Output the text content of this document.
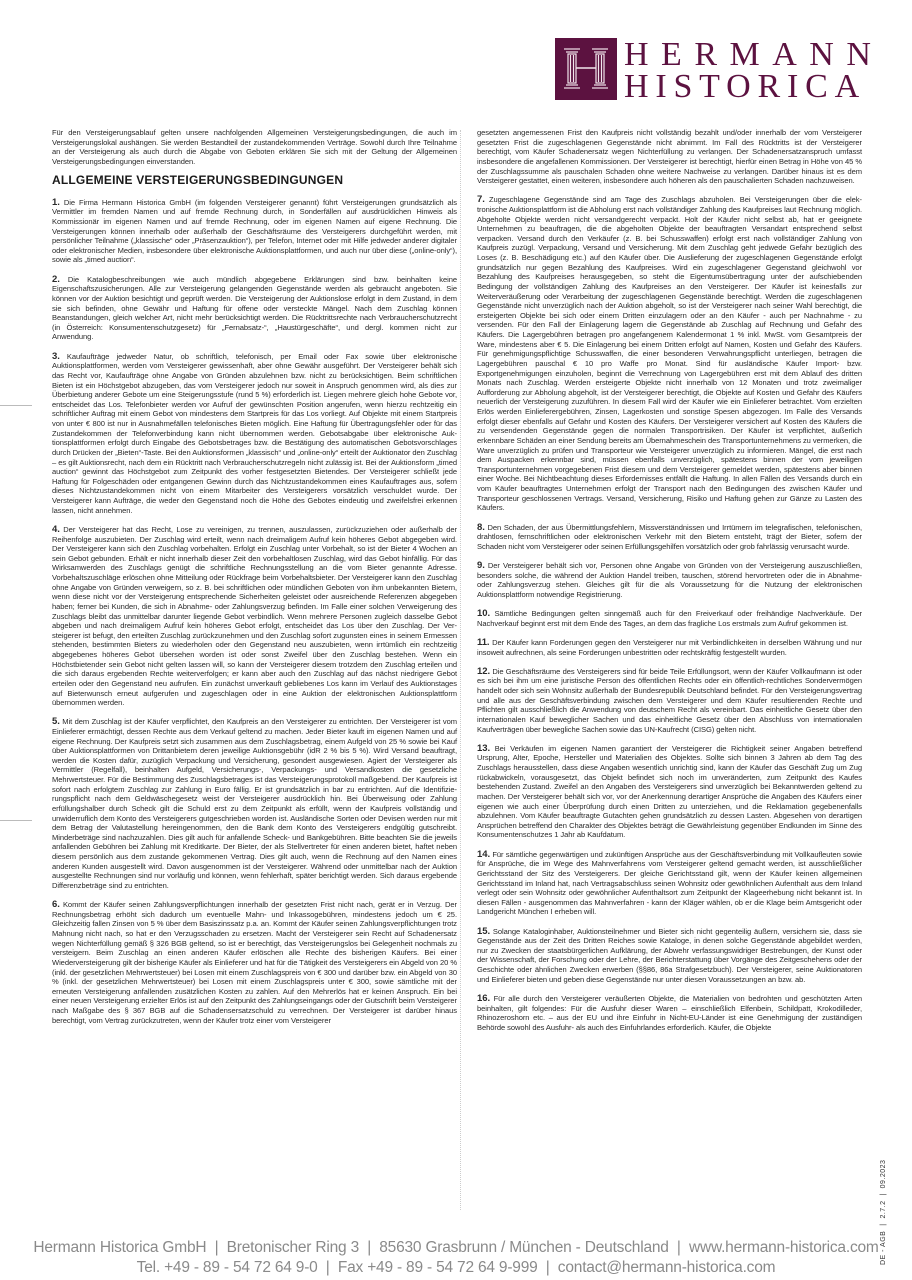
HERMANN
HISTORICA

Für den Versteigerungsablauf gelten unsere nachfolgenden Allgemeinen Versteigerungsbedingungen, die auch im Versteigerungslokal aushängen. Sie werden Bestandteil der zustandekommenden Verträge. Sowohl durch Ihre Teilnahme an der Versteigerung als auch durch die Abgabe von Geboten erklären Sie sich mit der Geltung der Allgemeinen Versteigerungsbedingungen einverstanden.

ALLGEMEINE VERSTEIGERUNGSBEDINGUNGEN

1. Die Firma Hermann Historica GmbH (im folgenden Versteigerer genannt) führt Versteigerungen grundsätzlich als Vermittler im fremden Namen und auf fremde Rechnung durch, in Sonderfällen auf ausdrücklichen Hinweis als Kommissionär im eigenen Namen und auf fremde Rechnung, oder im eigenen Namen auf eigene Rechnung. Die Versteigerungen können innerhalb oder außerhalb der Geschäftsräume des Versteigerers durchgeführt werden, mit persönlicher Teilnahme („klassische“ oder „Präsenzauktion“), per Telefon, Internet oder mit Hilfe jedweder anderer digitaler oder elektronischer Medien, insbesondere über elektronische Auktionsplattformen, und auch nur über diese („online-only“), sowie als „timed auction“.

2. Die Katalogbeschreibungen wie auch mündlich abgegebene Erklärungen sind bzw. beinhalten keine Eigenschaftszusicherungen. Alle zur Versteigerung gelangenden Gegenstände werden als gebraucht angeboten. Sie können vor der Auktion besichtigt und geprüft werden. Die Versteigerung der Auktionslose erfolgt in dem Zustand, in dem sie sich befinden, ohne Gewähr und Haftung für offene oder versteckte Mängel. Nach dem Zuschlag können Beanstandungen, gleich welcher Art, nicht mehr berücksichtigt werden. Die Rücktrittsrechte nach Verbraucherschutzrecht (in Österreich: Konsumentenschutzgesetz) für „Fernabsatz-“, „Haustürgeschäfte“, und dergl. kommen nicht zur Anwendung.

3. Kaufaufträge jedweder Natur, ob schriftlich, telefonisch, per Email oder Fax sowie über elektronische Auktionsplattformen, werden vom Versteigerer gewissenhaft, aber ohne Gewähr ausgeführt. Der Versteigerer behält sich das Recht vor, Kaufaufträge ohne Angabe von Gründen abzulehnen bzw. nicht zu berücksichtigen. Beim schriftlichen Bieten ist ein Höchstgebot abzugeben, das vom Versteigerer jedoch nur soweit in Anspruch genommen wird, als dies zur Überbietung anderer Gebote um eine Steigerungsstufe (rund 5 %) erforderlich ist. Liegen mehrere gleich hohe Gebote vor, entscheidet das Los. Telefonbieter werden vor Aufruf der gewünschten Position angerufen, wenn hierzu rechtzeitig ein schriftlicher Auftrag mit einem Gebot von mindestens dem Startpreis für das Los vorliegt. Auf Objekte mit einem Startpreis von unter € 800 ist nur in Ausnahmefällen telefonisches Bieten möglich. Eine Haftung für Übertragungsfehler oder für das Zustandekommen der Telefonverbindung kann nicht übernommen werden. Gebotsabgabe über elektronische Auktionsplattformen erfolgt durch Eingabe des Gebotsbetrages bzw. die Bestätigung des automatischen Gebotsvorschlages durch Drücken der „Bieten“-Taste. Bei den Auktionsformen „klassisch“ und „online-only“ erteilt der Auktionator den Zuschlag – es gilt Auktionsrecht, nach dem ein Rücktritt nach Verbraucherschutzregeln nicht zulässig ist. Bei der Auktionsform „timed auction“ gewinnt das Höchstgebot zum Zeitpunkt des vorher festgesetzten Bietendes. Der Versteigerer schließt jede Haftung für Folgeschäden oder entgangenen Gewinn durch das Nichtzustandekommen eines Kaufauftrages aus, sofern dieses Nichtzustandekommen nicht von einem Mitarbeiter des Versteigerers vorsätzlich verschuldet wurde. Der Versteigerer kann Aufträge, die weder den Gegenstand noch die Höhe des Gebotes eindeutig und zweifelsfrei erkennen lassen, nicht annehmen.

4. Der Versteigerer hat das Recht, Lose zu vereinigen, zu trennen, auszulassen, zurückzuziehen oder außerhalb der Reihenfolge auszubieten. Der Zuschlag wird erteilt, wenn nach dreimaligem Aufruf kein höheres Gebot abgegeben wird. Der Versteigerer kann sich den Zuschlag vorbehalten. Erfolgt ein Zuschlag unter Vorbehalt, so ist der Bieter 4 Wochen an sein Gebot gebunden. Erhält er nicht innerhalb dieser Zeit den vorbehaltlosen Zuschlag, wird das Gebot hinfällig. Für das Wirksamwerden des Zuschlags genügt die schriftliche Rechnungsstellung an die vom Bieter genannte Adresse. Vorbehaltszuschläge erlöschen ohne Mitteilung oder Rückfrage beim Vorbehaltsbieter. Der Versteigerer kann den Zuschlag ohne Angabe von Gründen verweigern, so z. B. bei schriftlichen oder mündlichen Geboten von ihm unbekannten Bietern, wenn diese nicht vor der Versteigerung entsprechende Sicherheiten geleistet oder ausreichende Referenzen abgegeben haben; ferner bei Kunden, die sich in Abnahme- oder Zahlungsverzug befinden. Im Falle einer solchen Verweigerung des Zuschlags bleibt das unmittelbar darunter liegende Gebot verbindlich. Wenn mehrere Personen zugleich dasselbe Gebot abgeben und nach dreimaligem Aufruf kein höheres Gebot erfolgt, entscheidet das Los über den Zuschlag. Der Versteigerer ist befugt, den erteilten Zuschlag zurückzunehmen und den Zuschlag sofort zugunsten eines in seinem Ermessen stehenden, bestimmten Bieters zu wiederholen oder den Gegenstand neu auszubieten, wenn irrtümlich ein rechtzeitig abgegebenes höheres Gebot übersehen worden ist oder sonst Zweifel über den Zuschlag bestehen. Wenn ein Höchstbietender sein Gebot nicht gelten lassen will, so kann der Versteigerer diesem trotzdem den Zuschlag erteilen und die sich daraus ergebenden Rechte weiterverfolgen; er kann aber auch den Zuschlag auf das nächst niedrigere Gebot erteilen oder den Gegenstand neu aufrufen. Ein zunächst unverkauft gebliebenes Los kann im Verlauf des Auktionstages auf Bieterwunsch erneut aufgerufen und zugeschlagen oder in eine Auktion der elektronischen Auktionsplattform übernommen werden.

5. Mit dem Zuschlag ist der Käufer verpflichtet, den Kaufpreis an den Versteigerer zu entrichten. Der Versteigerer ist vom Einlieferer ermächtigt, dessen Rechte aus dem Verkauf geltend zu machen. Jeder Bieter kauft im eigenen Namen und auf eigene Rechnung. Der Kaufpreis setzt sich zusammen aus dem Zuschlagsbetrag, einem Aufgeld von 25 % sowie bei Kauf über Auktionsplattformen von Drittanbietern deren jeweilige Auktionsgebühr (idR 2 % bis 5 %). Wird Versand beauftragt, werden die Kosten dafür, zuzüglich Verpackung und Versicherung, gesondert ausgewiesen. Agiert der Versteigerer als Vermittler (Regelfall), beinhalten Aufgeld, Versicherungs-, Verpackungs- und Versandkosten die gesetzliche Mehrwertsteuer. Für die Bestimmung des Zuschlagsbetrages ist das Versteigerungsprotokoll maßgebend. Der Kaufpreis ist sofort nach erfolgtem Zuschlag zur Zahlung in Euro fällig. Er ist grundsätzlich in bar zu entrichten. Auf die Identifizierungspflicht nach dem Geldwäschegesetz weist der Versteigerer ausdrücklich hin. Bei Überweisung oder Zahlung erfüllungshalber durch Scheck gilt die Schuld erst zu dem Zeitpunkt als erfüllt, wenn der Kaufpreis vollständig und unwiderruflich dem Konto des Versteigerers gutgeschrieben worden ist. Ausländische Sorten oder Devisen werden nur mit dem Betrag der Valutastellung hereingenommen, den die Bank dem Konto des Versteigerers endgültig gutschreibt. Minderbeträge sind nachzuzahlen. Dies gilt auch für anfallende Scheck- und Bankgebühren. Bitte beachten Sie die jeweils anfallenden Gebühren bei Zahlung mit Kreditkarte. Der Bieter, der als Stellvertreter für einen anderen bietet, haftet neben diesem persönlich aus dem zustande gekommenen Vertrag. Dies gilt auch, wenn die Rechnung auf den Namen eines anderen Kunden ausgestellt wird. Davon ausgenommen ist der Versteigerer. Während oder unmittelbar nach der Auktion ausgestellte Rechnungen sind nur vorläufig und können, wenn fehlerhaft, später berichtigt werden. Sich daraus ergebende Differenzbeträge sind zu entrichten.

6. Kommt der Käufer seinen Zahlungsverpflichtungen innerhalb der gesetzten Frist nicht nach, gerät er in Verzug. Der Rechnungsbetrag erhöht sich dadurch um eventuelle Mahn- und Inkassogebühren, mindestens jedoch um € 25. Gleichzeitig fallen Zinsen von 5 % über dem Basiszinssatz p.a. an. Kommt der Käufer seinen Zahlungsverpflichtungen trotz Mahnung nicht nach, so hat er den Verzugsschaden zu ersetzen. Macht der Versteigerer sein Recht auf Schadenersatz wegen Nichterfüllung gemäß § 326 BGB geltend, so ist er berechtigt, das Versteigerungslos bei Gelegenheit nochmals zu versteigern. Beim Zuschlag an einen anderen Käufer erlöschen alle Rechte des bisherigen Käufers. Bei einer Wiederversteigerung gilt der bisherige Käufer als Einlieferer und hat für die Tätigkeit des Versteigerers ein Abgeld von 20 % (inkl. der gesetzlichen Mehrwertsteuer) bei Losen mit einem Zuschlagspreis von € 300 und darüber bzw. ein Abgeld von 30 % (inkl. der gesetzlichen Mehrwertsteuer) bei Losen mit einem Zuschlagspreis unter € 300, sowie sämtliche mit der erneuten Versteigerung anfallenden zusätzlichen Kosten zu zahlen. Auf den Mehrerlös hat er keinen Anspruch. Ein bei einer neuen Versteigerung erzielter Erlös ist auf den Zeitpunkt des Zahlungseingangs oder der Gutschrift beim Versteigerer nach Maßgabe des § 367 BGB auf die Schadensersatzschuld zu verrechnen. Der Versteigerer ist darüber hinaus berechtigt, vom Vertrag zurückzutreten, wenn der Käufer trotz einer vom Versteigerer

gesetzten angemessenen Frist den Kaufpreis nicht vollständig bezahlt und/oder innerhalb der vom Versteigerer gesetzten Frist die zugeschlagenen Gegenstände nicht abnimmt. Im Fall des Rücktritts ist der Versteigerer berechtigt, vom Käufer Schadenersatz wegen Nichterfüllung zu verlangen. Der Schadenersatzanspruch umfasst insbesondere die angefallenen Kommissionen. Der Versteigerer ist berechtigt, hierfür einen Betrag in Höhe von 45 % der Zuschlagssumme als pauschalen Schaden ohne weitere Nachweise zu verlangen. Darüber hinaus ist es dem Versteigerer gestattet, einen weiteren, insbesondere auch höheren als den pauschalierten Schaden nachzuweisen.

7. Zugeschlagene Gegenstände sind am Tage des Zuschlags abzuholen. Bei Versteigerungen über die elektronische Auktionsplattform ist die Abholung erst nach vollständiger Zahlung des Kaufpreises laut Rechnung möglich. Abgeholte Objekte werden nicht versandgerecht verpackt. Holt der Käufer nicht selbst ab, hat er geeignete Unternehmen zu beauftragen, die die abgeholten Objekte der beauftragten Versandart entsprechend selbst verpacken. Versand durch den Verkäufer (z. B. bei Schusswaffen) erfolgt erst nach vollständiger Zahlung von Kaufpreis zuzügl. Verpackung, Versand und Versicherung. Mit dem Zuschlag geht jedwede Gefahr bezüglich des Loses (z. B. Beschädigung etc.) auf den Käufer über. Die Auslieferung der zugeschlagenen Gegenstände erfolgt grundsätzlich nur gegen Bezahlung des Kaufpreises. Wird ein zugeschlagener Gegenstand gleichwohl vor Bezahlung des Kaufpreises herausgegeben, so steht die Eigentumsübertragung unter der aufschiebenden Bedingung der vollständigen Zahlung des Kaufpreises an den Versteigerer. Der Käufer ist keinesfalls zur Weiterveräußerung oder Verarbeitung der zugeschlagenen Gegenstände berechtigt. Werden die zugeschlagenen Gegenstände nicht unverzüglich nach der Auktion abgeholt, so ist der Versteigerer nach seiner Wahl berechtigt, die ersteigerten Objekte bei sich oder einem Dritten einzulagern oder an den Käufer - auch per Nachnahme - zu versenden. Für den Fall der Einlagerung lagern die Gegenstände ab Zuschlag auf Rechnung und Gefahr des Käufers. Die Lagergebühren betragen pro angefangenem Kalendermonat 1 % inkl. MwSt. vom Gesamtpreis der Ware, mindestens aber € 5. Die Einlagerung bei einem Dritten erfolgt auf Namen, Kosten und Gefahr des Käufers. Für genehmigungspflichtige Schusswaffen, die einer besonderen Verwahrungspflicht unterliegen, betragen die Lagergebühren pauschal € 10 pro Waffe pro Monat. Sind für ausländische Käufer Import- bzw. Exportgenehmigungen einzuholen, beginnt die Verrechnung von Lagergebühren erst mit dem Ablauf des dritten Monats nach Zuschlag. Werden ersteigerte Objekte nicht innerhalb von 12 Monaten und trotz zweimaliger Aufforderung zur Abholung abgeholt, ist der Versteigerer berechtigt, die Objekte auf Kosten und Gefahr des Käufers neuerlich der Versteigerung zuzuführen. In diesem Fall wird der Käufer wie ein Einlieferer betrachtet. Vom erzielten Erlös werden Einlieferergebühren, Zinsen, Lagerkosten und sonstige Spesen abgezogen. Im Falle des Versands erfolgt dieser ebenfalls auf Gefahr und Kosten des Käufers. Der Versteigerer versichert auf Kosten des Käufers die zu versendenden Gegenstände gegen die normalen Transportrisiken. Der Käufer ist verpflichtet, äußerlich erkennbare Schäden an einer Sendung bereits am Übernahmeschein des Transportunternehmens zu vermerken, die Ware unverzüglich zu prüfen und Transporteur wie Versteigerer unverzüglich zu informieren. Mängel, die erst nach dem Auspacken erkennbar sind, müssen ebenfalls unverzüglich, spätestens binnen der vom jeweiligen Transportunternehmen vorgegebenen Frist diesem und dem Versteigerer gemeldet werden, spätestens aber binnen einer Woche. Bei Nichtbeachtung dieses Erfordernisses entfällt die Haftung. In allen Fällen des Versands durch ein vom Käufer beauftragtes Unternehmen erfolgt der Transport nach den Bedingungen des zwischen Käufer und Transporteur geschlossenen Vertrags. Versand, Versicherung, Risiko und Haftung gehen zur Gänze zu Lasten des Käufers.

8. Den Schaden, der aus Übermittlungsfehlern, Missverständnissen und Irrtümern im telegrafischen, telefonischen, drahtlosen, fernschriftlichen oder elektronischen Verkehr mit den Bietern entsteht, trägt der Bieter, sofern der Schaden nicht vom Versteigerer oder seinen Erfüllungsgehilfen vorsätzlich oder grob fahrlässig verursacht wurde.

9. Der Versteigerer behält sich vor, Personen ohne Angabe von Gründen von der Versteigerung auszuschließen, besonders solche, die während der Auktion Handel treiben, tauschen, störend hervortreten oder die in Abnahme- oder Zahlungsverzug stehen. Gleiches gilt für die als Voraussetzung für die Nutzung der elektronischen Auktionsplattform notwendige Registrierung.

10. Sämtliche Bedingungen gelten sinngemäß auch für den Freiverkauf oder freihändige Nachverkäufe. Der Nachverkauf beginnt erst mit dem Ende des Tages, an dem das fragliche Los erstmals zum Aufruf gekommen ist.

11. Der Käufer kann Forderungen gegen den Versteigerer nur mit Verbindlichkeiten in derselben Währung und nur insoweit aufrechnen, als seine Forderungen unbestritten oder rechtskräftig festgestellt wurden.

12. Die Geschäftsräume des Versteigerers sind für beide Teile Erfüllungsort, wenn der Käufer Vollkaufmann ist oder es sich bei ihm um eine juristische Person des öffentlichen Rechts oder ein öffentlich-rechtliches Sondervermögen handelt oder sich sein Wohnsitz außerhalb der Bundesrepublik Deutschland befindet. Für den Versteigerungsvertrag und alle aus der Geschäftsverbindung zwischen dem Versteigerer und dem Käufer resultierenden Rechte und Pflichten gilt ausschließlich die Anwendung von deutschem Recht als vereinbart. Das einheitliche Gesetz über den internationalen Kauf beweglicher Sachen und das einheitliche Gesetz über den Abschluss von internationalen Kaufverträgen über bewegliche Sachen sowie das UN-Kaufrecht (CISG) gelten nicht.

13. Bei Verkäufen im eigenen Namen garantiert der Versteigerer die Richtigkeit seiner Angaben betreffend Ursprung, Alter, Epoche, Hersteller und Materialien des Objektes. Sollte sich binnen 3 Jahren ab dem Tag des Zuschlags herausstellen, dass diese Angaben wesentlich unrichtig sind, kann der Käufer das Geschäft Zug um Zug rückabwickeln, vorausgesetzt, das Objekt befindet sich noch im unveränderten, zum Zeitpunkt des Kaufes bestehenden Zustand. Zweifel an den Angaben des Versteigerers sind unverzüglich bei Bekanntwerden geltend zu machen. Der Versteigerer behält sich vor, vor der Anerkennung derartiger Ansprüche die Angaben des Käufers einer eigenen wie auch einer Überprüfung durch einen Dritten zu unterziehen, und die Reklamation gegebenenfalls abzulehnen. Vom Käufer beauftragte Gutachten gehen grundsätzlich zu dessen Lasten. Abgesehen von derartigen Ansprüchen betreffend den Charakter des Objektes beträgt die Gewährleistung gegenüber Endkunden im Sinne des Konsumentenschutzes 1 Jahr ab Kaufdatum.

14. Für sämtliche gegenwärtigen und zukünftigen Ansprüche aus der Geschäftsverbindung mit Vollkaufleuten sowie für Ansprüche, die im Wege des Mahnverfahrens vom Versteigerer geltend gemacht werden, ist ausschließlicher Gerichtsstand der Sitz des Versteigerers. Der gleiche Gerichtsstand gilt, wenn der Käufer keinen allgemeinen Gerichtsstand im Inland hat, nach Vertragsabschluss seinen Wohnsitz oder gewöhnlichen Aufenthalt aus dem Inland verlegt oder sein Wohnsitz oder gewöhnlicher Aufenthaltsort zum Zeitpunkt der Klageerhebung nicht bekannt ist. In diesen Fällen - ausgenommen das Mahnverfahren - kann der Kläger wählen, ob er die Klage beim Amtsgericht oder Landgericht München I erheben will.

15. Solange Kataloginhaber, Auktionsteilnehmer und Bieter sich nicht gegenteilig äußern, versichern sie, dass sie Gegenstände aus der Zeit des Dritten Reiches sowie Kataloge, in denen solche Gegenstände abgebildet werden, nur zu Zwecken der staatsbürgerlichen Aufklärung, der Abwehr verfassungswidriger Bestrebungen, der Kunst oder der Wissenschaft, der Forschung oder der Lehre, der Berichterstattung über Vorgänge des Zeitgeschehens oder der Geschichte oder ähnlichen Zwecken erwerben (§§86, 86a Strafgesetzbuch). Der Versteigerer, seine Auktionatoren und Einlieferer bieten und geben diese Gegenstände nur unter diesen Voraussetzungen an bzw. ab.

16. Für alle durch den Versteigerer veräußerten Objekte, die Materialien von bedrohten und geschützten Arten beinhalten, gilt folgendes: Für die Ausfuhr dieser Waren – einschließlich Elfenbein, Schildpatt, Krokodilleder, Rhinozeroshorn etc. – aus der EU und ihre Einfuhr in Nicht-EU-Länder ist eine Genehmigung der zuständigen Behörde sowohl des Ausfuhr- als auch des Einfuhrlandes erforderlich. Käufer, die Objekte

Hermann Historica GmbH  |  Bretonischer Ring 3  |  85630 Grasbrunn / München - Deutschland  |  www.hermann-historica.com
Tel. +49 - 89 - 54 72 64 9-0  |  Fax +49 - 89 - 54 72 64 9-999  |  contact@hermann-historica.com
DE - AGB  |  2.7.2  |  09.2023
